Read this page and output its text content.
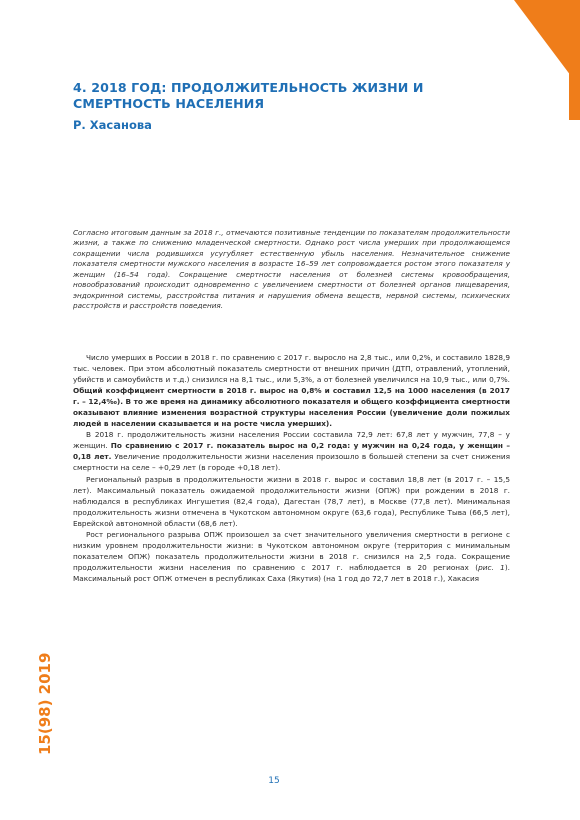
4. 2018 ГОД: ПРОДОЛЖИТЕЛЬНОСТЬ ЖИЗНИ И СМЕРТНОСТЬ НАСЕЛЕНИЯ
Р. Хасанова

Согласно итоговым данным за 2018 г., отмечаются позитивные тенденции по показателям продолжительности жизни, а также по снижению младенческой смертности. Однако рост числа умерших при продолжающемся сокращении числа родившихся усугубляет естественную убыль населения. Незначительное снижение показателя смертности мужского населения в возрасте 16–59 лет сопровождается ростом этого показателя у женщин (16–54 года). Сокращение смертности населения от болезней системы кровообращения, новообразований происходит одновременно с увеличением смертности от болезней органов пищеварения, эндокринной системы, расстройства питания и нарушения обмена веществ, нервной системы, психических расстройств и расстройств поведения.

Число умерших в России в 2018 г. по сравнению с 2017 г. выросло на 2,8 тыс., или 0,2%, и составило 1828,9 тыс. человек. При этом абсолютный показатель смертности от внешних причин (ДТП, отравлений, утоплений, убийств и самоубийств и т.д.) снизился на 8,1 тыс., или 5,3%, а от болезней увеличился на 10,9 тыс., или 0,7%. Общий коэффициент смертности в 2018 г. вырос на 0,8% и составил 12,5 на 1000 населения (в 2017 г. – 12,4‰). В то же время на динамику абсолютного показателя и общего коэффициента смертности оказывают влияние изменения возрастной структуры населения России (увеличение доли пожилых людей в населении сказывается и на росте числа умерших).

В 2018 г. продолжительность жизни населения России составила 72,9 лет: 67,8 лет у мужчин, 77,8 – у женщин. По сравнению с 2017 г. показатель вырос на 0,2 года: у мужчин на 0,24 года, у женщин – 0,18 лет. Увеличение продолжительности жизни населения произошло в большей степени за счет снижения смертности на селе – +0,29 лет (в городе +0,18 лет).

Региональный разрыв в продолжительности жизни в 2018 г. вырос и составил 18,8 лет (в 2017 г. – 15,5 лет). Максимальный показатель ожидаемой продолжительности жизни (ОПЖ) при рождении в 2018 г. наблюдался в республиках Ингушетия (82,4 года), Дагестан (78,7 лет), в Москве (77,8 лет). Минимальная продолжительность жизни отмечена в Чукотском автономном округе (63,6 года), Республике Тыва (66,5 лет), Еврейской автономной области (68,6 лет).

Рост регионального разрыва ОПЖ произошел за счет значительного увеличения смертности в регионе с низким уровнем продолжительности жизни: в Чукотском автономном округе (территория с минимальным показателем ОПЖ) показатель продолжительности жизни в 2018 г. снизился на 2,5 года. Сокращение продолжительности жизни населения по сравнению с 2017 г. наблюдается в 20 регионах (рис. 1). Максимальный рост ОПЖ отмечен в республиках Саха (Якутия) (на 1 год до 72,7 лет в 2018 г.), Хакасия

15(98) 2019
15
